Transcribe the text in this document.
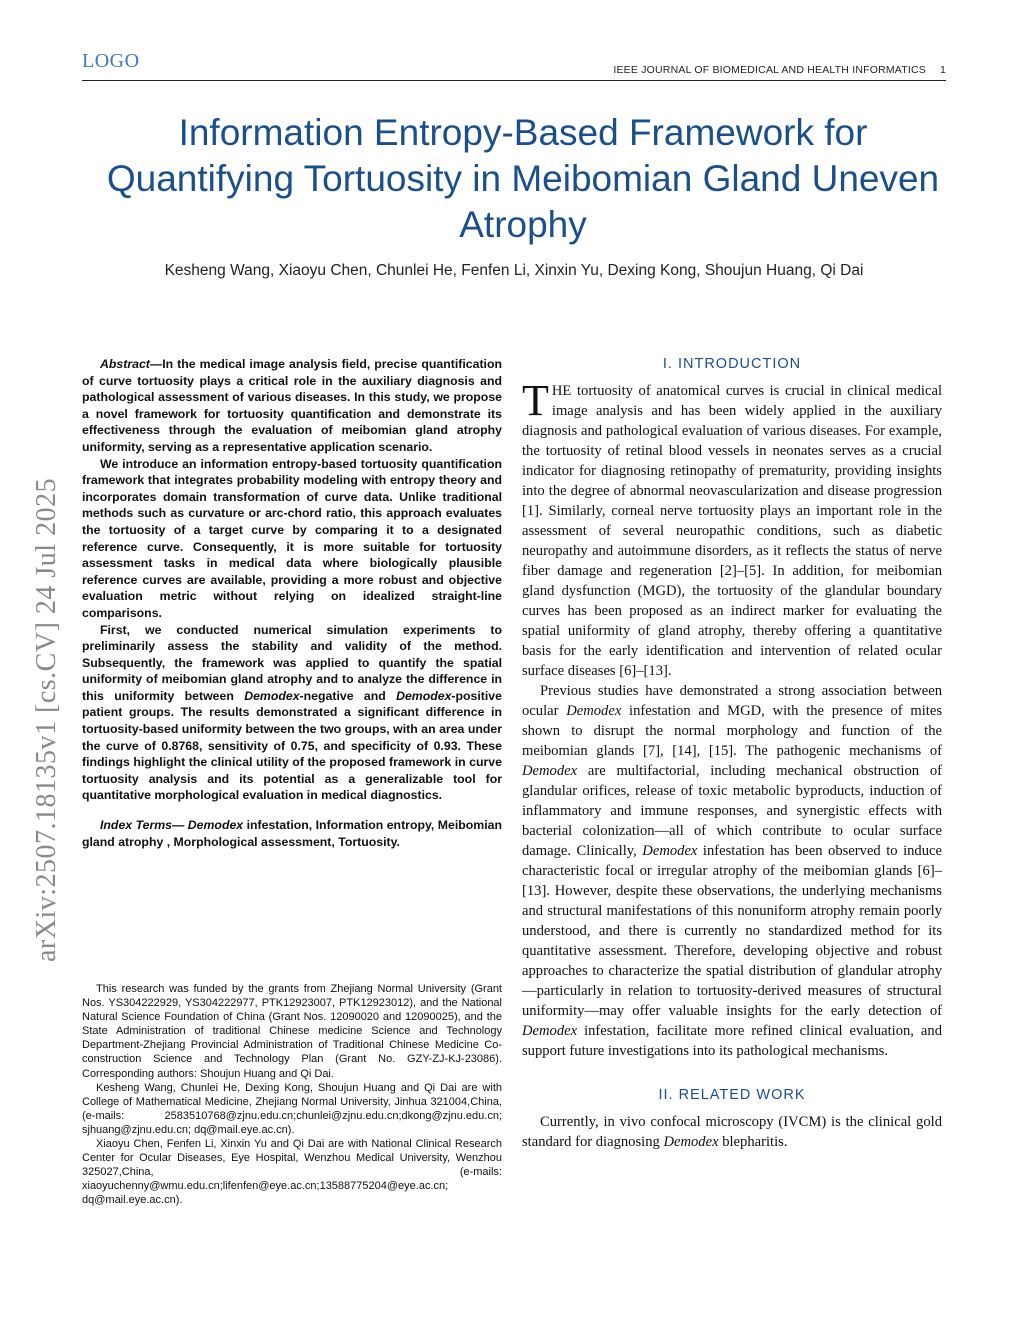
LOGO	IEEE JOURNAL OF BIOMEDICAL AND HEALTH INFORMATICS 1
arXiv:2507.18135v1 [cs.CV] 24 Jul 2025
Information Entropy-Based Framework for Quantifying Tortuosity in Meibomian Gland Uneven Atrophy
Kesheng Wang, Xiaoyu Chen, Chunlei He, Fenfen Li, Xinxin Yu, Dexing Kong, Shoujun Huang, Qi Dai

Abstract—In the medical image analysis field, precise quantification of curve tortuosity plays a critical role in the auxiliary diagnosis and pathological assessment of various diseases. In this study, we propose a novel framework for tortuosity quantification and demonstrate its effectiveness through the evaluation of meibomian gland atrophy uniformity, serving as a representative application scenario.

We introduce an information entropy-based tortuosity quantification framework that integrates probability modeling with entropy theory and incorporates domain transformation of curve data. Unlike traditional methods such as curvature or arc-chord ratio, this approach evaluates the tortuosity of a target curve by comparing it to a designated reference curve. Consequently, it is more suitable for tortuosity assessment tasks in medical data where biologically plausible reference curves are available, providing a more robust and objective evaluation metric without relying on idealized straight-line comparisons.

First, we conducted numerical simulation experiments to preliminarily assess the stability and validity of the method. Subsequently, the framework was applied to quantify the spatial uniformity of meibomian gland atrophy and to analyze the difference in this uniformity between Demodex-negative and Demodex-positive patient groups. The results demonstrated a significant difference in tortuosity-based uniformity between the two groups, with an area under the curve of 0.8768, sensitivity of 0.75, and specificity of 0.93. These findings highlight the clinical utility of the proposed framework in curve tortuosity analysis and its potential as a generalizable tool for quantitative morphological evaluation in medical diagnostics.

Index Terms— Demodex infestation, Information entropy, Meibomian gland atrophy , Morphological assessment, Tortuosity.

This research was funded by the grants from Zhejiang Normal University (Grant Nos. YS304222929, YS304222977, PTK12923007, PTK12923012), and the National Natural Science Foundation of China (Grant Nos. 12090020 and 12090025), and the State Administration of traditional Chinese medicine Science and Technology Department-Zhejiang Provincial Administration of Traditional Chinese Medicine Co-construction Science and Technology Plan (Grant No. GZY-ZJ-KJ-23086). Corresponding authors: Shoujun Huang and Qi Dai.

Kesheng Wang, Chunlei He, Dexing Kong, Shoujun Huang and Qi Dai are with College of Mathematical Medicine, Zhejiang Normal University, Jinhua 321004,China, (e-mails: 2583510768@zjnu.edu.cn;chunlei@zjnu.edu.cn;dkong@zjnu.edu.cn; sjhuang@zjnu.edu.cn; dq@mail.eye.ac.cn).

Xiaoyu Chen, Fenfen Li, Xinxin Yu and Qi Dai are with National Clinical Research Center for Ocular Diseases, Eye Hospital, Wenzhou Medical University, Wenzhou 325027,China, (e-mails: xiaoyuchenny@wmu.edu.cn;lifenfen@eye.ac.cn;13588775204@eye.ac.cn; dq@mail.eye.ac.cn).

I. INTRODUCTION

THE tortuosity of anatomical curves is crucial in clinical medical image analysis and has been widely applied in the auxiliary diagnosis and pathological evaluation of various diseases. For example, the tortuosity of retinal blood vessels in neonates serves as a crucial indicator for diagnosing retinopathy of prematurity, providing insights into the degree of abnormal neovascularization and disease progression [1]. Similarly, corneal nerve tortuosity plays an important role in the assessment of several neuropathic conditions, such as diabetic neuropathy and autoimmune disorders, as it reflects the status of nerve fiber damage and regeneration [2]–[5]. In addition, for meibomian gland dysfunction (MGD), the tortuosity of the glandular boundary curves has been proposed as an indirect marker for evaluating the spatial uniformity of gland atrophy, thereby offering a quantitative basis for the early identification and intervention of related ocular surface diseases [6]–[13].

Previous studies have demonstrated a strong association between ocular Demodex infestation and MGD, with the presence of mites shown to disrupt the normal morphology and function of the meibomian glands [7], [14], [15]. The pathogenic mechanisms of Demodex are multifactorial, including mechanical obstruction of glandular orifices, release of toxic metabolic byproducts, induction of inflammatory and immune responses, and synergistic effects with bacterial colonization—all of which contribute to ocular surface damage. Clinically, Demodex infestation has been observed to induce characteristic focal or irregular atrophy of the meibomian glands [6]–[13]. However, despite these observations, the underlying mechanisms and structural manifestations of this nonuniform atrophy remain poorly understood, and there is currently no standardized method for its quantitative assessment. Therefore, developing objective and robust approaches to characterize the spatial distribution of glandular atrophy—particularly in relation to tortuosity-derived measures of structural uniformity—may offer valuable insights for the early detection of Demodex infestation, facilitate more refined clinical evaluation, and support future investigations into its pathological mechanisms.

II. RELATED WORK

Currently, in vivo confocal microscopy (IVCM) is the clinical gold standard for diagnosing Demodex blepharitis.
